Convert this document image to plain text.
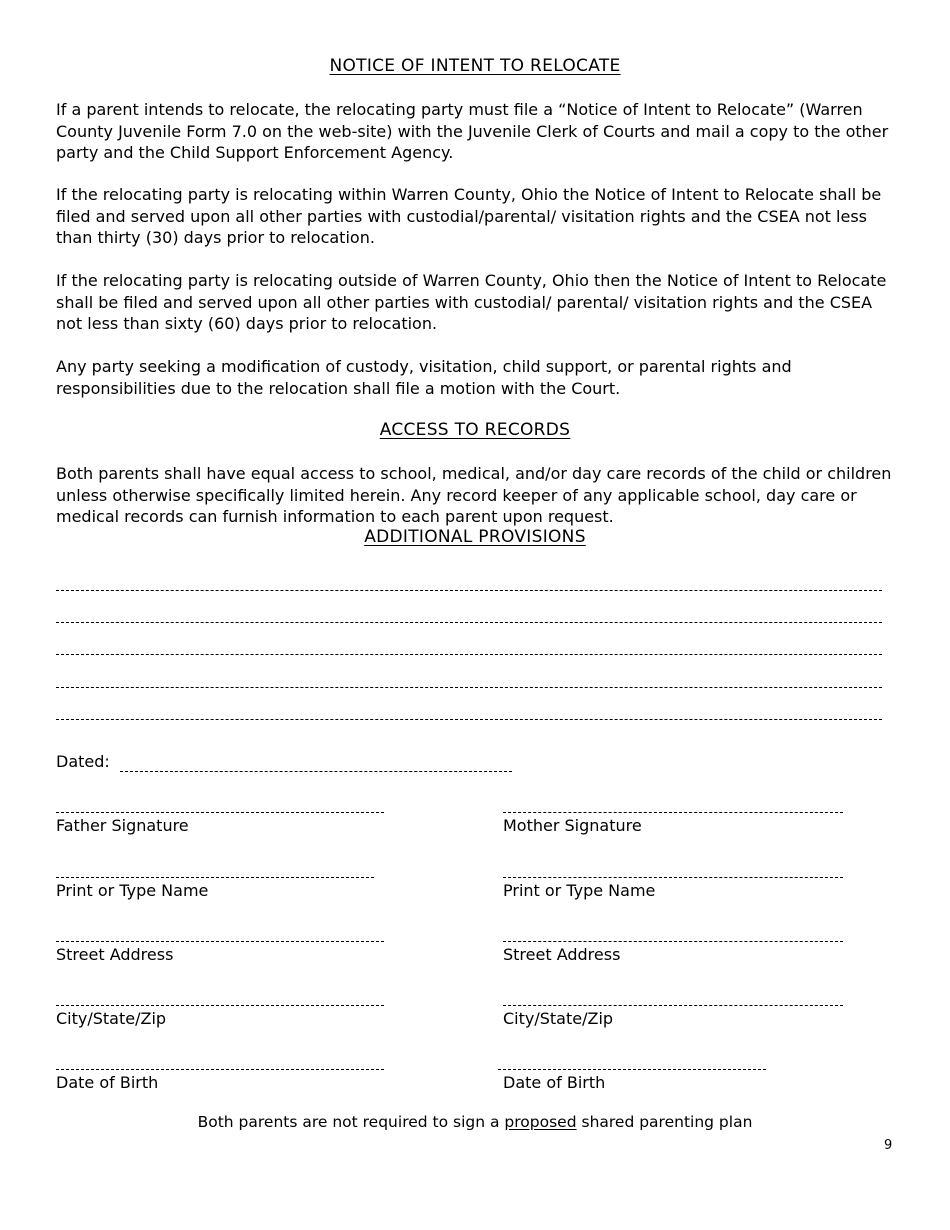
NOTICE OF INTENT TO RELOCATE

If a parent intends to relocate, the relocating party must file a “Notice of Intent to Relocate” (Warren County Juvenile Form 7.0 on the web-site) with the Juvenile Clerk of Courts and mail a copy to the other party and the Child Support Enforcement Agency.

If the relocating party is relocating within Warren County, Ohio the Notice of Intent to Relocate shall be filed and served upon all other parties with custodial/parental/ visitation rights and the CSEA not less than thirty (30) days prior to relocation.

If the relocating party is relocating outside of Warren County, Ohio then the Notice of Intent to Relocate shall be filed and served upon all other parties with custodial/ parental/ visitation rights and the CSEA not less than sixty (60) days prior to relocation.

Any party seeking a modification of custody, visitation, child support, or parental rights and responsibilities due to the relocation shall file a motion with the Court.

ACCESS TO RECORDS

Both parents shall have equal access to school, medical, and/or day care records of the child or children unless otherwise specifically limited herein. Any record keeper of any applicable school, day care or medical records can furnish information to each parent upon request.

ADDITIONAL PROVISIONS
Dated:
Father Signature
Print or Type Name
Street Address
City/State/Zip
Date of Birth
Mother Signature
Print or Type Name
Street Address
City/State/Zip
Date of Birth
Both parents are not required to sign a proposed shared parenting plan
9
